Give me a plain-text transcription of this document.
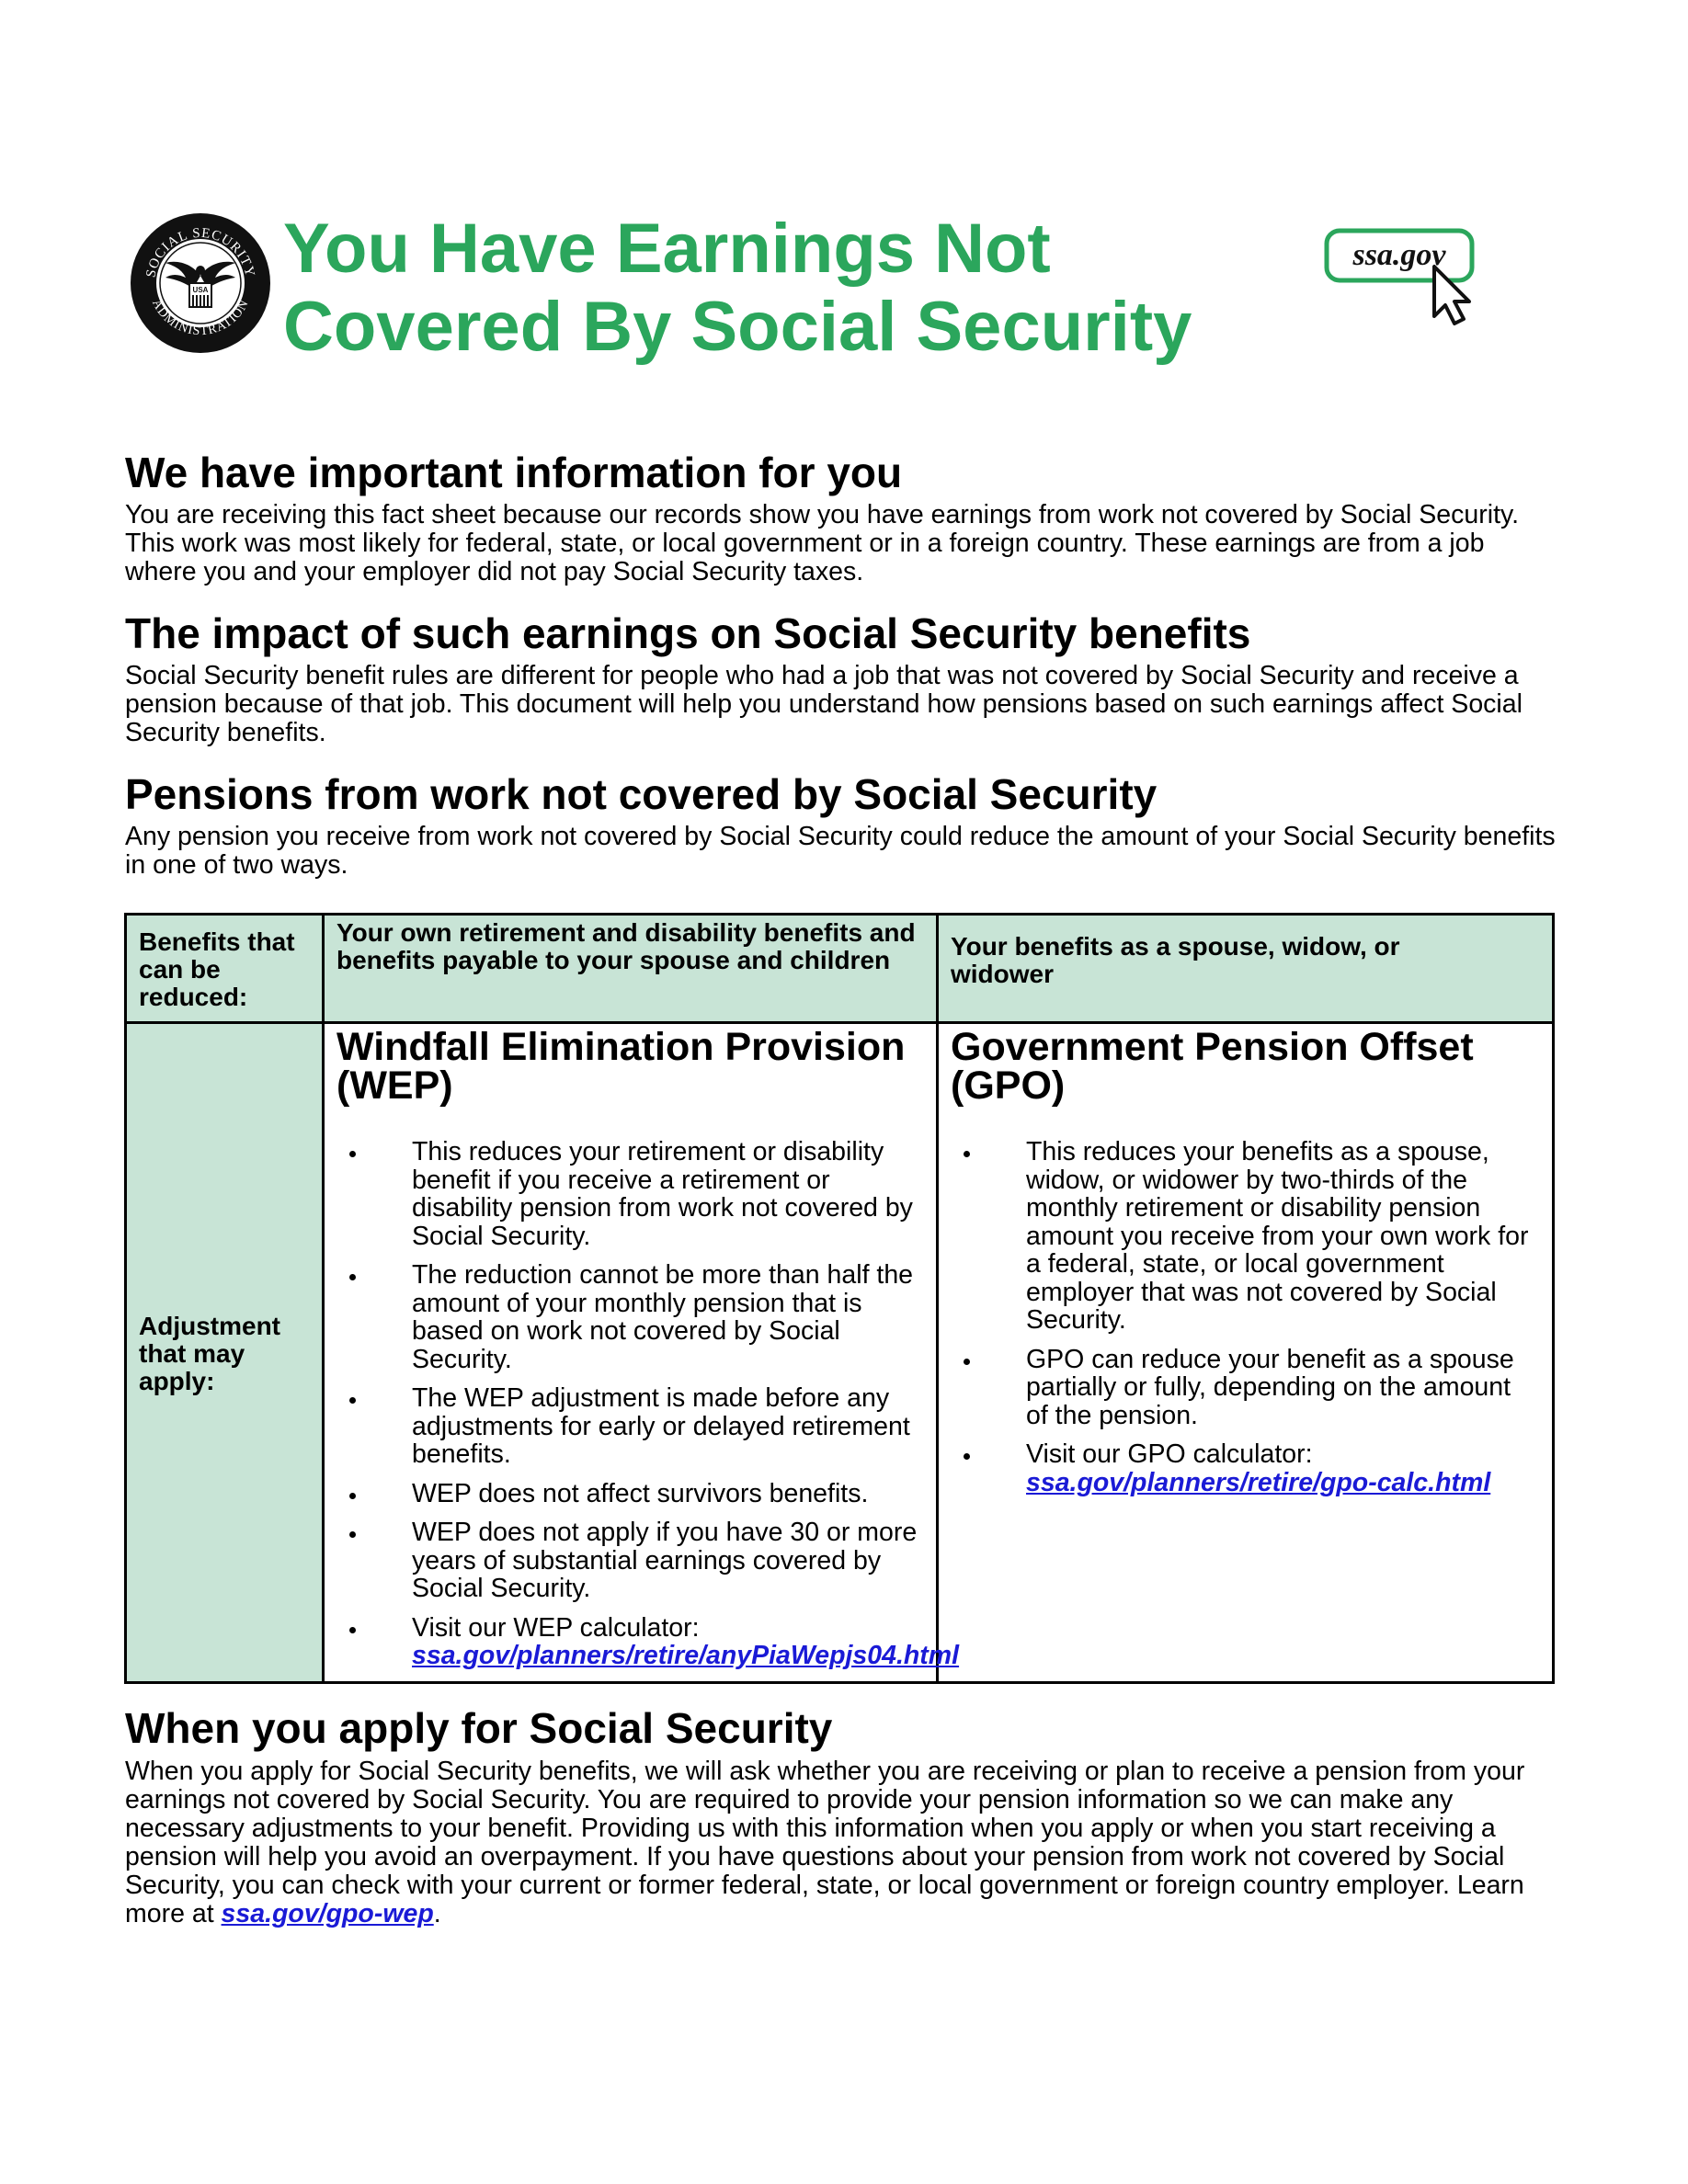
SOCIAL SECURITY
ADMINISTRATION
USA
You Have Earnings Not
Covered By Social Security
ssa.gov
We have important information for you

You are receiving this fact sheet because our records show you have earnings from work not covered by Social Security. This work was most likely for federal, state, or local government or in a foreign country. These earnings are from a job where you and your employer did not pay Social Security taxes.

The impact of such earnings on Social Security benefits

Social Security benefit rules are different for people who had a job that was not covered by Social Security and receive a pension because of that job. This document will help you understand how pensions based on such earnings affect Social Security benefits.

Pensions from work not covered by Social Security

Any pension you receive from work not covered by Social Security could reduce the amount of your Social Security benefits in one of two ways.

Benefits that can be reduced:
Your own retirement and disability benefits and benefits payable to your spouse and children	Your benefits as a spouse, widow, or widower
Adjustment that may apply:
Windfall Elimination Provision (WEP)
This reduces your retirement or disability benefit if you receive a retirement or disability pension from work not covered by Social Security.
The reduction cannot be more than half the amount of your monthly pension that is based on work not covered by Social Security.
The WEP adjustment is made before any adjustments for early or delayed retirement benefits.
WEP does not affect survivors benefits.
WEP does not apply if you have 30 or more years of substantial earnings covered by Social Security.
Visit our WEP calculator: ssa.gov/planners/retire/anyPiaWepjs04.html
Government Pension Offset (GPO)
This reduces your benefits as a spouse, widow, or widower by two-thirds of the monthly retirement or disability pension amount you receive from your own work for a federal, state, or local government employer that was not covered by Social Security.
GPO can reduce your benefit as a spouse partially or fully, depending on the amount of the pension.
Visit our GPO calculator: ssa.gov/planners/retire/gpo-calc.html
When you apply for Social Security

When you apply for Social Security benefits, we will ask whether you are receiving or plan to receive a pension from your earnings not covered by Social Security. You are required to provide your pension information so we can make any necessary adjustments to your benefit. Providing us with this information when you apply or when you start receiving a pension will help you avoid an overpayment. If you have questions about your pension from work not covered by Social Security, you can check with your current or former federal, state, or local government or foreign country employer. Learn more at ssa.gov/gpo-wep.
